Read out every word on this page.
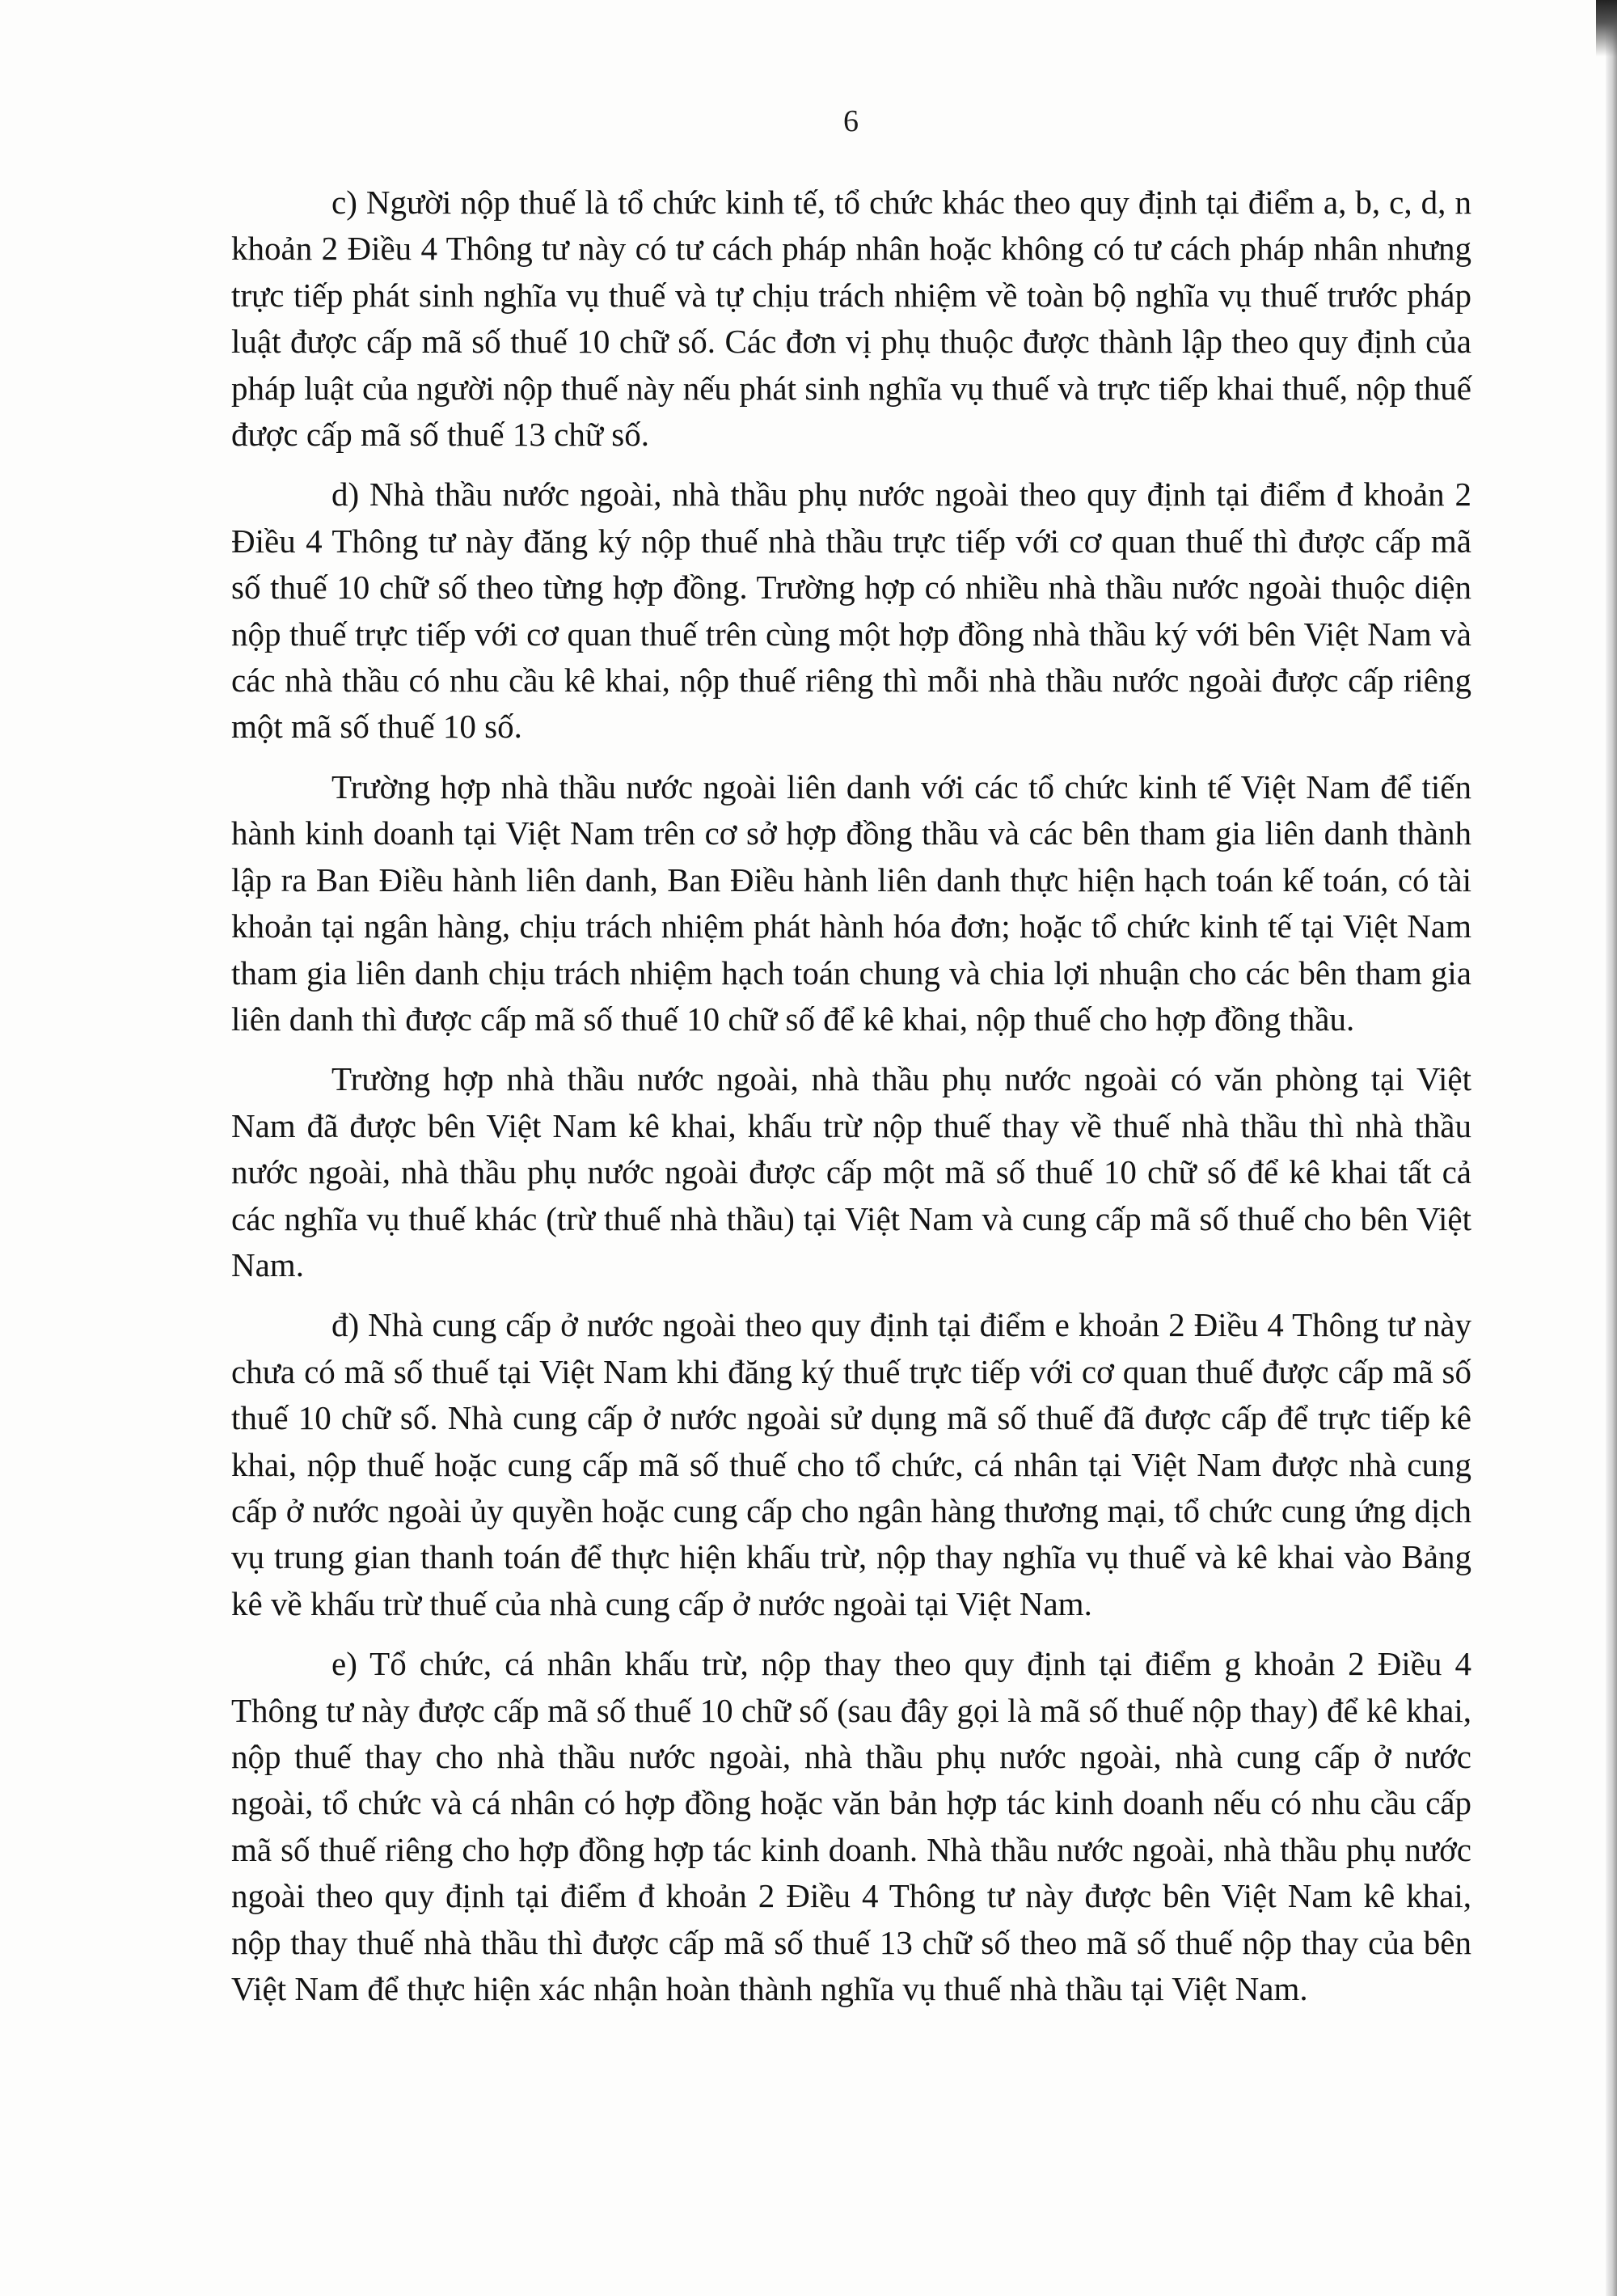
6

c) Người nộp thuế là tổ chức kinh tế, tổ chức khác theo quy định tại điểm a, b, c, d, n khoản 2 Điều 4 Thông tư này có tư cách pháp nhân hoặc không có tư cách pháp nhân nhưng trực tiếp phát sinh nghĩa vụ thuế và tự chịu trách nhiệm về toàn bộ nghĩa vụ thuế trước pháp luật được cấp mã số thuế 10 chữ số. Các đơn vị phụ thuộc được thành lập theo quy định của pháp luật của người nộp thuế này nếu phát sinh nghĩa vụ thuế và trực tiếp khai thuế, nộp thuế được cấp mã số thuế 13 chữ số.

d) Nhà thầu nước ngoài, nhà thầu phụ nước ngoài theo quy định tại điểm đ khoản 2 Điều 4 Thông tư này đăng ký nộp thuế nhà thầu trực tiếp với cơ quan thuế thì được cấp mã số thuế 10 chữ số theo từng hợp đồng. Trường hợp có nhiều nhà thầu nước ngoài thuộc diện nộp thuế trực tiếp với cơ quan thuế trên cùng một hợp đồng nhà thầu ký với bên Việt Nam và các nhà thầu có nhu cầu kê khai, nộp thuế riêng thì mỗi nhà thầu nước ngoài được cấp riêng một mã số thuế 10 số.

Trường hợp nhà thầu nước ngoài liên danh với các tổ chức kinh tế Việt Nam để tiến hành kinh doanh tại Việt Nam trên cơ sở hợp đồng thầu và các bên tham gia liên danh thành lập ra Ban Điều hành liên danh, Ban Điều hành liên danh thực hiện hạch toán kế toán, có tài khoản tại ngân hàng, chịu trách nhiệm phát hành hóa đơn; hoặc tổ chức kinh tế tại Việt Nam tham gia liên danh chịu trách nhiệm hạch toán chung và chia lợi nhuận cho các bên tham gia liên danh thì được cấp mã số thuế 10 chữ số để kê khai, nộp thuế cho hợp đồng thầu.

Trường hợp nhà thầu nước ngoài, nhà thầu phụ nước ngoài có văn phòng tại Việt Nam đã được bên Việt Nam kê khai, khấu trừ nộp thuế thay về thuế nhà thầu thì nhà thầu nước ngoài, nhà thầu phụ nước ngoài được cấp một mã số thuế 10 chữ số để kê khai tất cả các nghĩa vụ thuế khác (trừ thuế nhà thầu) tại Việt Nam và cung cấp mã số thuế cho bên Việt Nam.

đ) Nhà cung cấp ở nước ngoài theo quy định tại điểm e khoản 2 Điều 4 Thông tư này chưa có mã số thuế tại Việt Nam khi đăng ký thuế trực tiếp với cơ quan thuế được cấp mã số thuế 10 chữ số. Nhà cung cấp ở nước ngoài sử dụng mã số thuế đã được cấp để trực tiếp kê khai, nộp thuế hoặc cung cấp mã số thuế cho tổ chức, cá nhân tại Việt Nam được nhà cung cấp ở nước ngoài ủy quyền hoặc cung cấp cho ngân hàng thương mại, tổ chức cung ứng dịch vụ trung gian thanh toán để thực hiện khấu trừ, nộp thay nghĩa vụ thuế và kê khai vào Bảng kê về khấu trừ thuế của nhà cung cấp ở nước ngoài tại Việt Nam.

e) Tổ chức, cá nhân khấu trừ, nộp thay theo quy định tại điểm g khoản 2 Điều 4 Thông tư này được cấp mã số thuế 10 chữ số (sau đây gọi là mã số thuế nộp thay) để kê khai, nộp thuế thay cho nhà thầu nước ngoài, nhà thầu phụ nước ngoài, nhà cung cấp ở nước ngoài, tổ chức và cá nhân có hợp đồng hoặc văn bản hợp tác kinh doanh nếu có nhu cầu cấp mã số thuế riêng cho hợp đồng hợp tác kinh doanh. Nhà thầu nước ngoài, nhà thầu phụ nước ngoài theo quy định tại điểm đ khoản 2 Điều 4 Thông tư này được bên Việt Nam kê khai, nộp thay thuế nhà thầu thì được cấp mã số thuế 13 chữ số theo mã số thuế nộp thay của bên Việt Nam để thực hiện xác nhận hoàn thành nghĩa vụ thuế nhà thầu tại Việt Nam.
